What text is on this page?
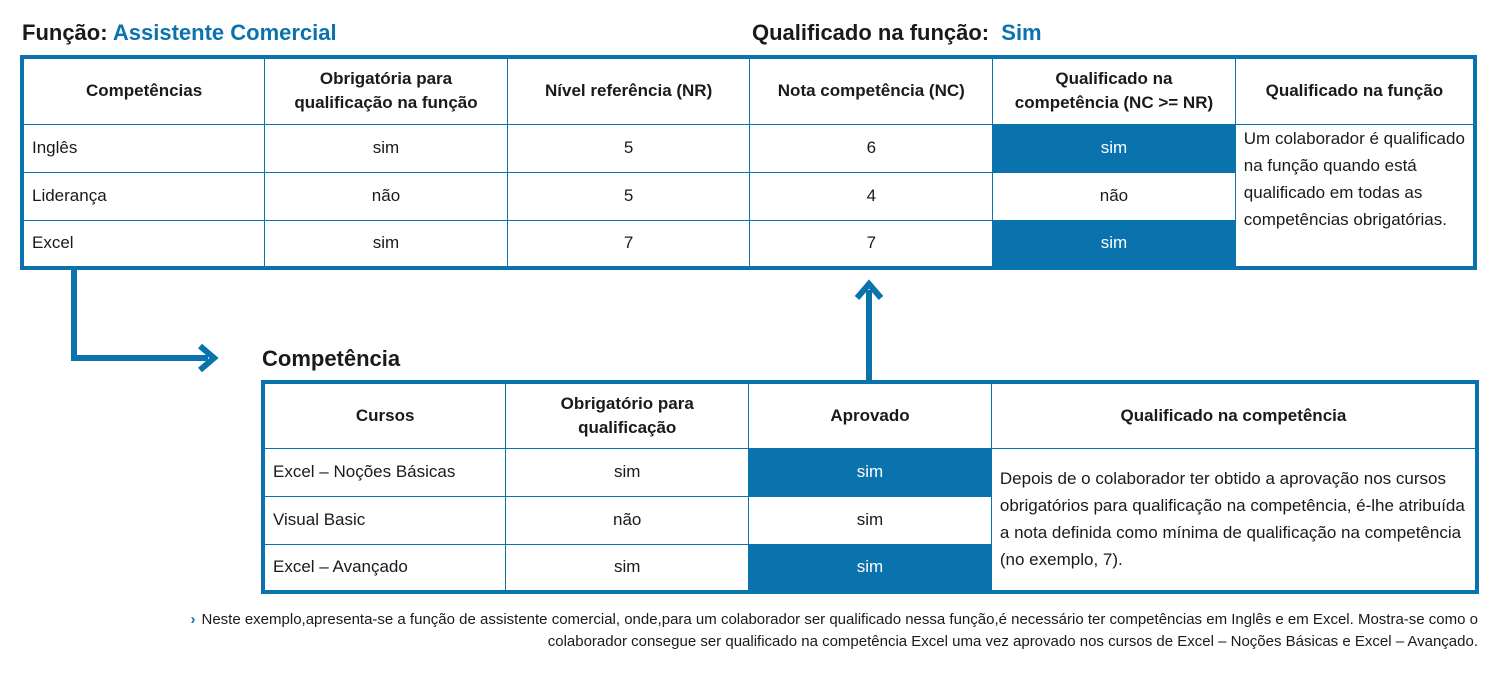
Função: Assistente Comercial	Qualificado na função: Sim
Competências	Obrigatória para qualificação na função	Nível referência (NR)	Nota competência (NC)	Qualificado na competência (NC >= NR)	Qualificado na função
Inglês	sim	5	6	sim	Um colaborador é qualificado na função quando está qualificado em todas as competências obrigatórias.
Liderança	não	5	4	não	
Excel	sim	7	7	sim	
Competência
Cursos	Obrigatório para qualificação	Aprovado	Qualificado na competência
Excel – Noções Básicas	sim	sim	Depois de o colaborador ter obtido a aprovação nos cursos obrigatórios para qualificação na competência, é-lhe atribuída a nota definida como mínima de qualificação na competência (no exemplo, 7).
Visual Basic	não	sim	
Excel – Avançado	sim	sim	
› Neste exemplo,apresenta-se a função de assistente comercial, onde,para um colaborador ser qualificado nessa função,é necessário ter competências em Inglês e em Excel. Mostra-se como o
colaborador consegue ser qualificado na competência Excel uma vez aprovado nos cursos de Excel – Noções Básicas e Excel – Avançado.
